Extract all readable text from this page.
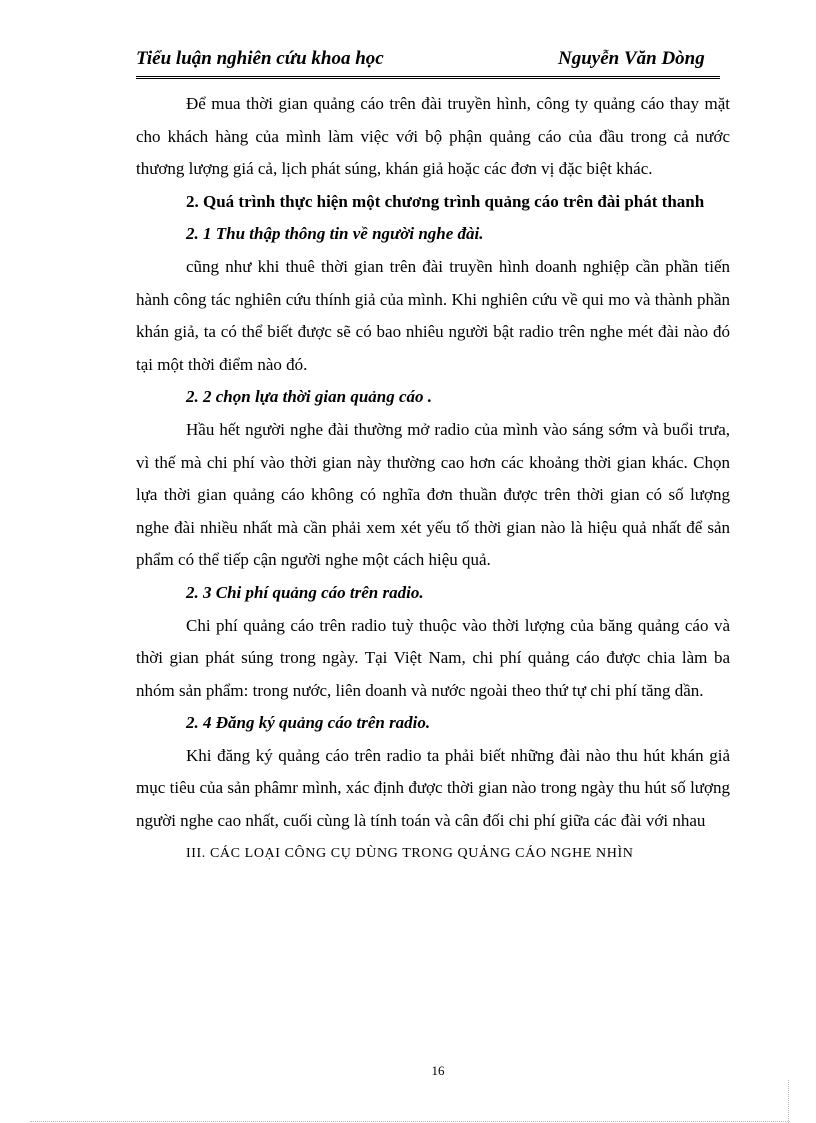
Tiểu luận nghiên cứu khoa học	Nguyễn Văn Dòng

Để mua thời gian quảng cáo trên đài truyền hình, công ty quảng cáo thay mặt cho khách hàng của mình làm việc với bộ phận quảng cáo của đầu trong cả nước thương lượng giá cả, lịch phát súng, khán giả hoặc các đơn vị đặc biệt khác.

2. Quá trình thực hiện một chương trình quảng cáo trên đài phát thanh

2. 1 Thu thập thông tin về người nghe đài.

cũng như khi thuê thời gian trên đài truyền hình doanh nghiệp cần phần tiến hành công tác nghiên cứu thính giả của mình. Khi nghiên cứu về qui mo và thành phần khán giả, ta có thể biết được sẽ có bao nhiêu người bật radio trên nghe mét đài nào đó tại một thời điểm nào đó.

2. 2 chọn lựa thời gian quảng cáo .

Hầu hết người nghe đài thường mở radio của mình vào sáng sớm và buổi trưa, vì thế mà chi phí vào thời gian này thường cao hơn các khoảng thời gian khác. Chọn lựa thời gian quảng cáo không có nghĩa đơn thuần được trên thời gian có số lượng nghe đài nhiều nhất mà cần phải xem xét yếu tố thời gian nào là hiệu quả nhất để sản phẩm có thể tiếp cận người nghe một cách hiệu quả.

2. 3 Chi phí quảng cáo trên radio.

Chi phí quảng cáo trên radio tuỳ thuộc vào thời lượng của băng quảng cáo và thời gian phát súng trong ngày. Tại Việt Nam, chi phí quảng cáo được chia làm ba nhóm sản phẩm: trong nước, liên doanh và nước ngoài theo thứ tự chi phí tăng dần.

2. 4 Đăng ký quảng cáo trên radio.

Khi đăng ký quảng cáo trên radio ta phải biết những đài nào thu hút khán giả mục tiêu của sản phâmr mình, xác định được thời gian nào trong ngày thu hút số lượng người nghe cao nhất, cuối cùng là tính toán và cân đối chi phí giữa các đài với nhau

III. CÁC LOẠI CÔNG CỤ DÙNG TRONG QUẢNG CÁO NGHE NHÌN

16
